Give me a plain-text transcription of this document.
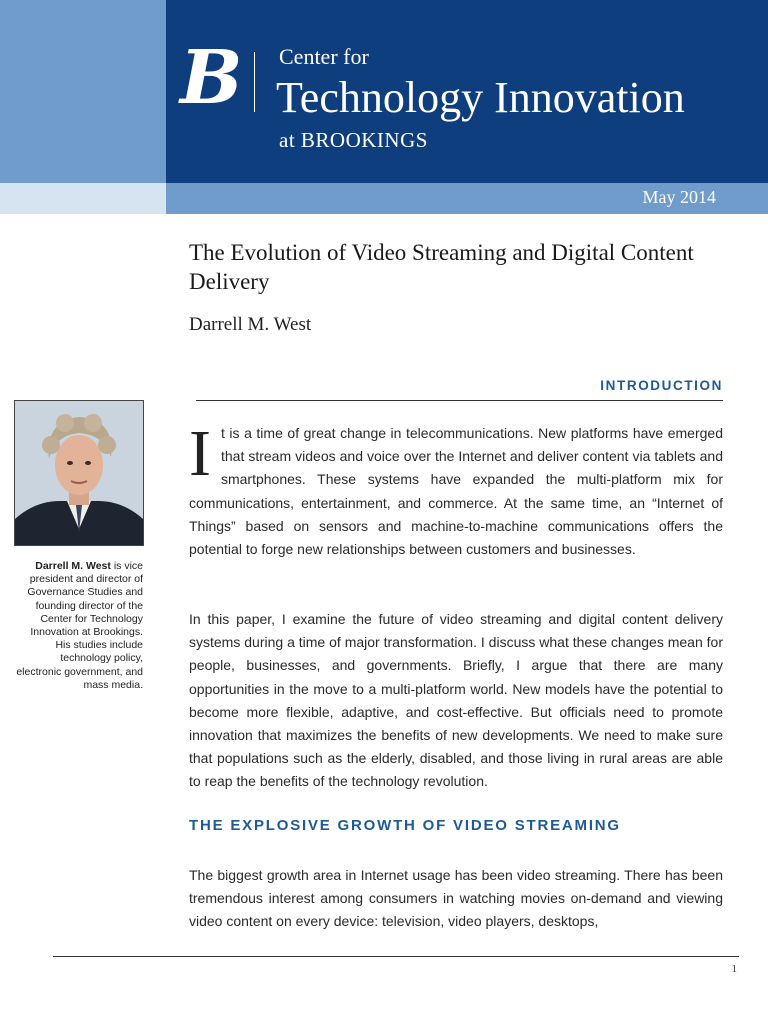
B Center for
Technology Innovation
at BROOKINGS
May 2014
The Evolution of Video Streaming and Digital Content Delivery
Darrell M. West
Darrell M. West is vice president and director of Governance Studies and founding director of the Center for Technology Innovation at Brookings. His studies include technology policy, electronic government, and mass media.
INTRODUCTION

It is a time of great change in telecommunications. New platforms have emerged that stream videos and voice over the Internet and deliver content via tablets and smartphones. These systems have expanded the multi-platform mix for communications, entertainment, and commerce. At the same time, an “Internet of Things” based on sensors and machine-to-machine communications offers the potential to forge new relationships between customers and businesses.

In this paper, I examine the future of video streaming and digital content delivery systems during a time of major transformation. I discuss what these changes mean for people, businesses, and governments. Briefly, I argue that there are many opportunities in the move to a multi-platform world. New models have the potential to become more flexible, adaptive, and cost-effective. But officials need to promote innovation that maximizes the benefits of new developments. We need to make sure that populations such as the elderly, disabled, and those living in rural areas are able to reap the benefits of the technology revolution.

THE EXPLOSIVE GROWTH OF VIDEO STREAMING

The biggest growth area in Internet usage has been video streaming. There has been tremendous interest among consumers in watching movies on-demand and viewing video content on every device: television, video players, desktops,

1
